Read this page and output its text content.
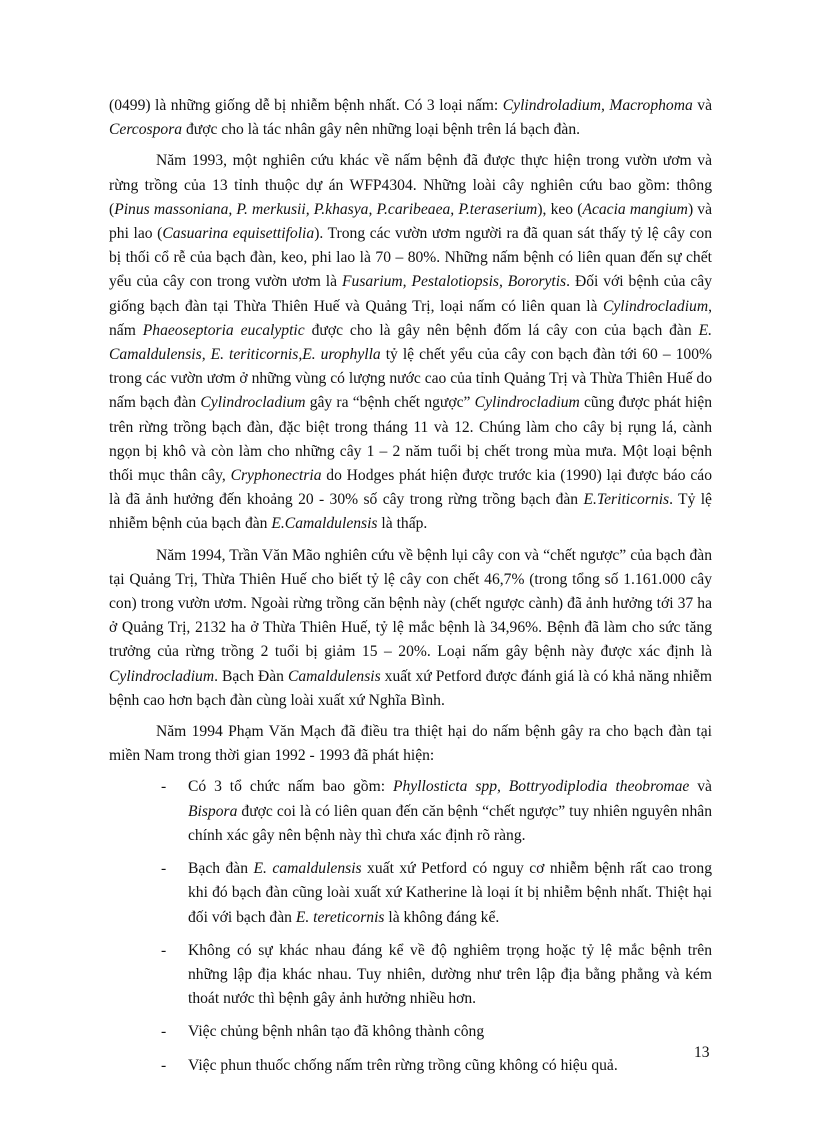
(0499) là những giống dễ bị nhiễm bệnh nhất. Có 3 loại nấm: Cylindroladium, Macrophoma và Cercospora được cho là tác nhân gây nên những loại bệnh trên lá bạch đàn.

Năm 1993, một nghiên cứu khác về nấm bệnh đã được thực hiện trong vườn ươm và rừng trồng của 13 tỉnh thuộc dự án WFP4304. Những loài cây nghiên cứu bao gồm: thông (Pinus massoniana, P. merkusii, P.khasya, P.caribeaea, P.teraserium), keo (Acacia mangium) và phi lao (Casuarina equisettifolia). Trong các vườn ươm người ra đã quan sát thấy tỷ lệ cây con bị thối cổ rễ của bạch đàn, keo, phi lao là 70 – 80%. Những nấm bệnh có liên quan đến sự chết yểu của cây con trong vườn ươm là Fusarium, Pestalotiopsis, Bororytis. Đối với bệnh của cây giống bạch đàn tại Thừa Thiên Huế và Quảng Trị, loại nấm có liên quan là Cylindrocladium, nấm Phaeoseptoria eucalyptic được cho là gây nên bệnh đốm lá cây con của bạch đàn E. Camaldulensis, E. teriticornis,E. urophylla tỷ lệ chết yểu của cây con bạch đàn tới 60 – 100% trong các vườn ươm ở những vùng có lượng nước cao của tỉnh Quảng Trị và Thừa Thiên Huế do nấm bạch đàn Cylindrocladium gây ra “bệnh chết ngược” Cylindrocladium cũng được phát hiện trên rừng trồng bạch đàn, đặc biệt trong tháng 11 và 12. Chúng làm cho cây bị rụng lá, cành ngọn bị khô và còn làm cho những cây 1 – 2 năm tuổi bị chết trong mùa mưa. Một loại bệnh thối mục thân cây, Cryphonectria do Hodges phát hiện được trước kia (1990) lại được báo cáo là đã ảnh hưởng đến khoảng 20 - 30% số cây trong rừng trồng bạch đàn E.Teriticornis. Tỷ lệ nhiễm bệnh của bạch đàn E.Camaldulensis là thấp.

Năm 1994, Trần Văn Mão nghiên cứu về bệnh lụi cây con và “chết ngược” của bạch đàn tại Quảng Trị, Thừa Thiên Huế cho biết tỷ lệ cây con chết 46,7% (trong tổng số 1.161.000 cây con) trong vườn ươm. Ngoài rừng trồng căn bệnh này (chết ngược cành) đã ảnh hưởng tới 37 ha ở Quảng Trị, 2132 ha ở Thừa Thiên Huế, tỷ lệ mắc bệnh là 34,96%. Bệnh đã làm cho sức tăng trưởng của rừng trồng 2 tuổi bị giảm 15 – 20%. Loại nấm gây bệnh này được xác định là Cylindrocladium. Bạch Đàn Camaldulensis xuất xứ Petford được đánh giá là có khả năng nhiễm bệnh cao hơn bạch đàn cùng loài xuất xứ Nghĩa Bình.

Năm 1994 Phạm Văn Mạch đã điều tra thiệt hại do nấm bệnh gây ra cho bạch đàn tại miền Nam trong thời gian 1992 - 1993 đã phát hiện:

- Có 3 tổ chức nấm bao gồm: Phyllosticta spp, Bottryodiplodia theobromae và Bispora được coi là có liên quan đến căn bệnh “chết ngược” tuy nhiên nguyên nhân chính xác gây nên bệnh này thì chưa xác định rõ ràng.
- Bạch đàn E. camaldulensis xuất xứ Petford có nguy cơ nhiễm bệnh rất cao trong khi đó bạch đàn cũng loài xuất xứ Katherine là loại ít bị nhiễm bệnh nhất. Thiệt hại đối với bạch đàn E. tereticornis là không đáng kể.
- Không có sự khác nhau đáng kể về độ nghiêm trọng hoặc tỷ lệ mắc bệnh trên những lập địa khác nhau. Tuy nhiên, dường như trên lập địa bằng phẳng và kém thoát nước thì bệnh gây ảnh hưởng nhiều hơn.
- Việc chủng bệnh nhân tạo đã không thành công
- Việc phun thuốc chống nấm trên rừng trồng cũng không có hiệu quả.
13
